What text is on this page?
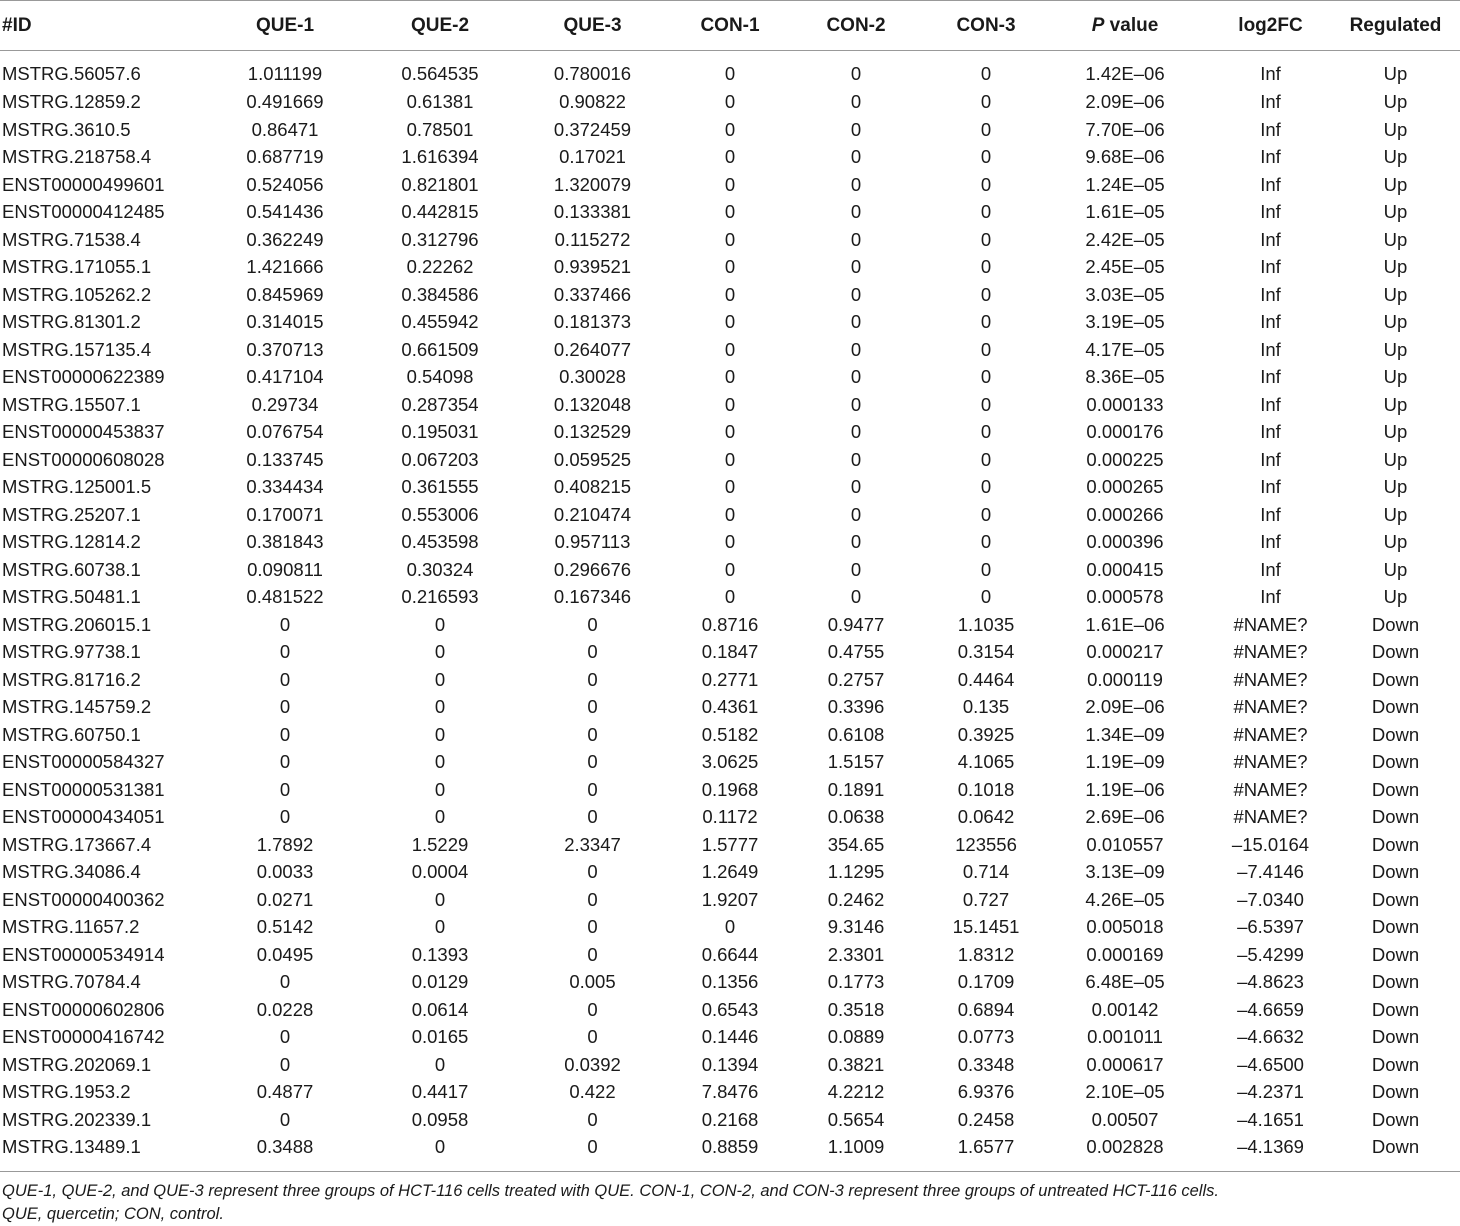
#ID	QUE-1	QUE-2	QUE-3	CON-1	CON-2	CON-3	P value	log2FC	Regulated
MSTRG.56057.6	1.011199	0.564535	0.780016	0	0	0	1.42E–06	Inf	Up
MSTRG.12859.2	0.491669	0.61381	0.90822	0	0	0	2.09E–06	Inf	Up
MSTRG.3610.5	0.86471	0.78501	0.372459	0	0	0	7.70E–06	Inf	Up
MSTRG.218758.4	0.687719	1.616394	0.17021	0	0	0	9.68E–06	Inf	Up
ENST00000499601	0.524056	0.821801	1.320079	0	0	0	1.24E–05	Inf	Up
ENST00000412485	0.541436	0.442815	0.133381	0	0	0	1.61E–05	Inf	Up
MSTRG.71538.4	0.362249	0.312796	0.115272	0	0	0	2.42E–05	Inf	Up
MSTRG.171055.1	1.421666	0.22262	0.939521	0	0	0	2.45E–05	Inf	Up
MSTRG.105262.2	0.845969	0.384586	0.337466	0	0	0	3.03E–05	Inf	Up
MSTRG.81301.2	0.314015	0.455942	0.181373	0	0	0	3.19E–05	Inf	Up
MSTRG.157135.4	0.370713	0.661509	0.264077	0	0	0	4.17E–05	Inf	Up
ENST00000622389	0.417104	0.54098	0.30028	0	0	0	8.36E–05	Inf	Up
MSTRG.15507.1	0.29734	0.287354	0.132048	0	0	0	0.000133	Inf	Up
ENST00000453837	0.076754	0.195031	0.132529	0	0	0	0.000176	Inf	Up
ENST00000608028	0.133745	0.067203	0.059525	0	0	0	0.000225	Inf	Up
MSTRG.125001.5	0.334434	0.361555	0.408215	0	0	0	0.000265	Inf	Up
MSTRG.25207.1	0.170071	0.553006	0.210474	0	0	0	0.000266	Inf	Up
MSTRG.12814.2	0.381843	0.453598	0.957113	0	0	0	0.000396	Inf	Up
MSTRG.60738.1	0.090811	0.30324	0.296676	0	0	0	0.000415	Inf	Up
MSTRG.50481.1	0.481522	0.216593	0.167346	0	0	0	0.000578	Inf	Up
MSTRG.206015.1	0	0	0	0.8716	0.9477	1.1035	1.61E–06	#NAME?	Down
MSTRG.97738.1	0	0	0	0.1847	0.4755	0.3154	0.000217	#NAME?	Down
MSTRG.81716.2	0	0	0	0.2771	0.2757	0.4464	0.000119	#NAME?	Down
MSTRG.145759.2	0	0	0	0.4361	0.3396	0.135	2.09E–06	#NAME?	Down
MSTRG.60750.1	0	0	0	0.5182	0.6108	0.3925	1.34E–09	#NAME?	Down
ENST00000584327	0	0	0	3.0625	1.5157	4.1065	1.19E–09	#NAME?	Down
ENST00000531381	0	0	0	0.1968	0.1891	0.1018	1.19E–06	#NAME?	Down
ENST00000434051	0	0	0	0.1172	0.0638	0.0642	2.69E–06	#NAME?	Down
MSTRG.173667.4	1.7892	1.5229	2.3347	1.5777	354.65	123556	0.010557	–15.0164	Down
MSTRG.34086.4	0.0033	0.0004	0	1.2649	1.1295	0.714	3.13E–09	–7.4146	Down
ENST00000400362	0.0271	0	0	1.9207	0.2462	0.727	4.26E–05	–7.0340	Down
MSTRG.11657.2	0.5142	0	0	0	9.3146	15.1451	0.005018	–6.5397	Down
ENST00000534914	0.0495	0.1393	0	0.6644	2.3301	1.8312	0.000169	–5.4299	Down
MSTRG.70784.4	0	0.0129	0.005	0.1356	0.1773	0.1709	6.48E–05	–4.8623	Down
ENST00000602806	0.0228	0.0614	0	0.6543	0.3518	0.6894	0.00142	–4.6659	Down
ENST00000416742	0	0.0165	0	0.1446	0.0889	0.0773	0.001011	–4.6632	Down
MSTRG.202069.1	0	0	0.0392	0.1394	0.3821	0.3348	0.000617	–4.6500	Down
MSTRG.1953.2	0.4877	0.4417	0.422	7.8476	4.2212	6.9376	2.10E–05	–4.2371	Down
MSTRG.202339.1	0	0.0958	0	0.2168	0.5654	0.2458	0.00507	–4.1651	Down
MSTRG.13489.1	0.3488	0	0	0.8859	1.1009	1.6577	0.002828	–4.1369	Down

QUE-1, QUE-2, and QUE-3 represent three groups of HCT-116 cells treated with QUE. CON-1, CON-2, and CON-3 represent three groups of untreated HCT-116 cells.

QUE, quercetin; CON, control.
